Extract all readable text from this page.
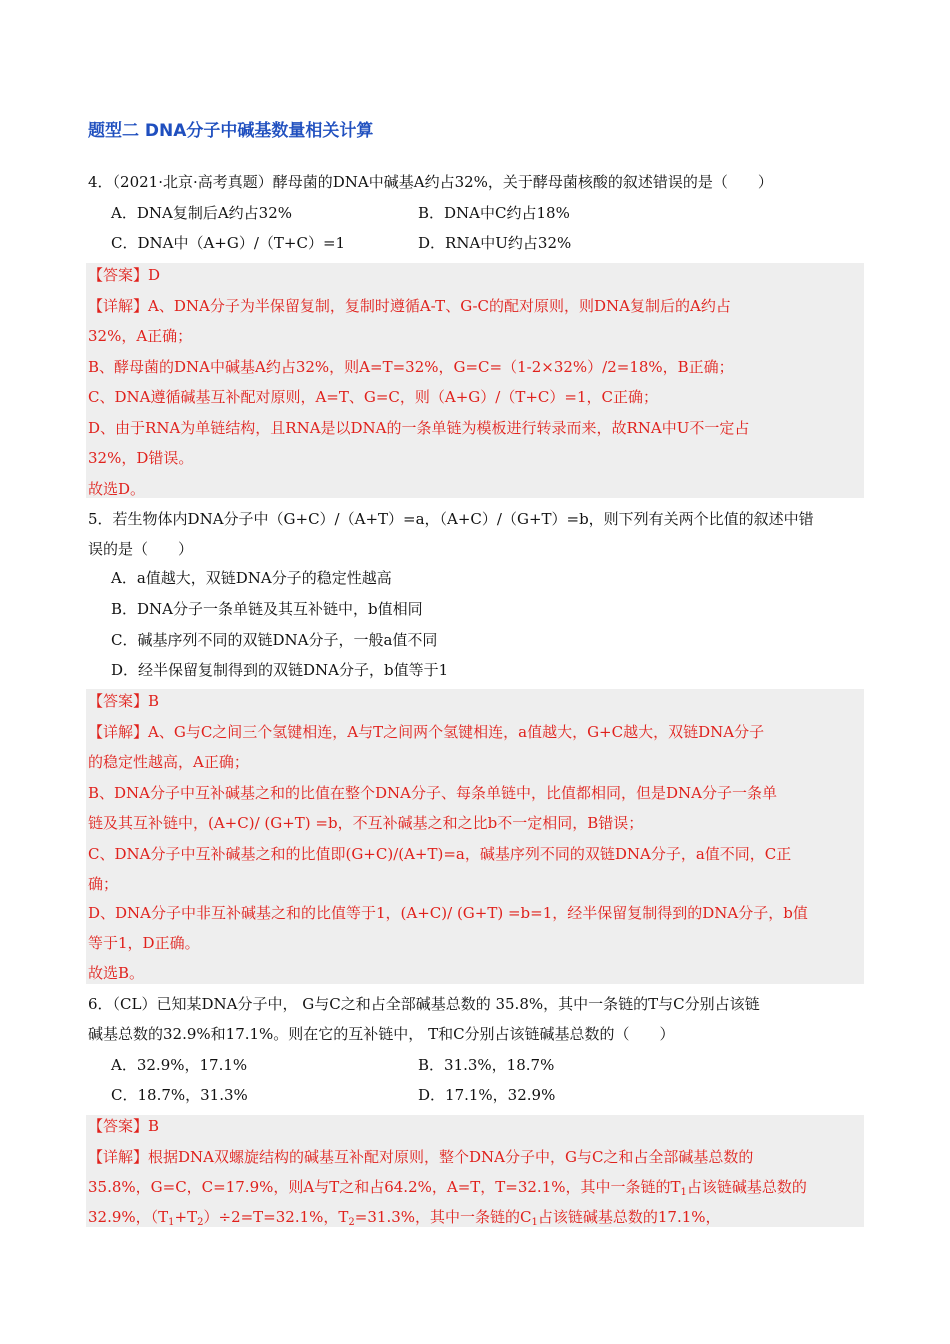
题型二 DNA分子中碱基数量相关计算
4．（2021·北京·高考真题）酵母菌的DNA中碱基A约占32%，关于酵母菌核酸的叙述错误的是（　　）
A．DNA复制后A约占32%	B．DNA中C约占18%
C．DNA中（A+G）/（T+C）=1	D．RNA中U约占32%
【答案】D
【详解】A、DNA分子为半保留复制，复制时遵循A-T、G-C的配对原则，则DNA复制后的A约占
32%，A正确；
B、酵母菌的DNA中碱基A约占32%，则A=T=32%，G=C=（1-2×32%）/2=18%，B正确；
C、DNA遵循碱基互补配对原则，A=T、G=C，则（A+G）/（T+C）=1，C正确；
D、由于RNA为单链结构，且RNA是以DNA的一条单链为模板进行转录而来，故RNA中U不一定占
32%，D错误。
故选D。
5．若生物体内DNA分子中（G+C）/（A+T）=a，（A+C）/（G+T）=b，则下列有关两个比值的叙述中错
误的是（　　）
A．a值越大，双链DNA分子的稳定性越高
B．DNA分子一条单链及其互补链中，b值相同
C．碱基序列不同的双链DNA分子，一般a值不同
D．经半保留复制得到的双链DNA分子，b值等于1
【答案】B
【详解】A、G与C之间三个氢键相连，A与T之间两个氢键相连，a值越大，G+C越大，双链DNA分子
的稳定性越高，A正确；
B、DNA分子中互补碱基之和的比值在整个DNA分子、每条单链中，比值都相同，但是DNA分子一条单
链及其互补链中，(A+C)/ (G+T) =b，不互补碱基之和之比b不一定相同，B错误；
C、DNA分子中互补碱基之和的比值即(G+C)/(A+T)=a，碱基序列不同的双链DNA分子，a值不同，C正
确；
D、DNA分子中非互补碱基之和的比值等于1，(A+C)/ (G+T) =b=1，经半保留复制得到的DNA分子，b值
等于1，D正确。
故选B。
6．（CL）已知某DNA分子中， G与C之和占全部碱基总数的 35.8%，其中一条链的T与C分别占该链
碱基总数的32.9%和17.1%。则在它的互补链中， T和C分别占该链碱基总数的（　　）
A．32.9%，17.1%	B．31.3%，18.7%
C．18.7%，31.3%	D．17.1%，32.9%
【答案】B
【详解】根据DNA双螺旋结构的碱基互补配对原则，整个DNA分子中，G与C之和占全部碱基总数的
35.8%，G=C，C=17.9%，则A与T之和占64.2%，A=T，T=32.1%，其中一条链的$T_1$占该链碱基总数的
32.9%，$(T_1+T_2)\div 2=T=32.1\%$，$T_2=31.3\%$，其中一条链的$C_1$占该链碱基总数的17.1%，
